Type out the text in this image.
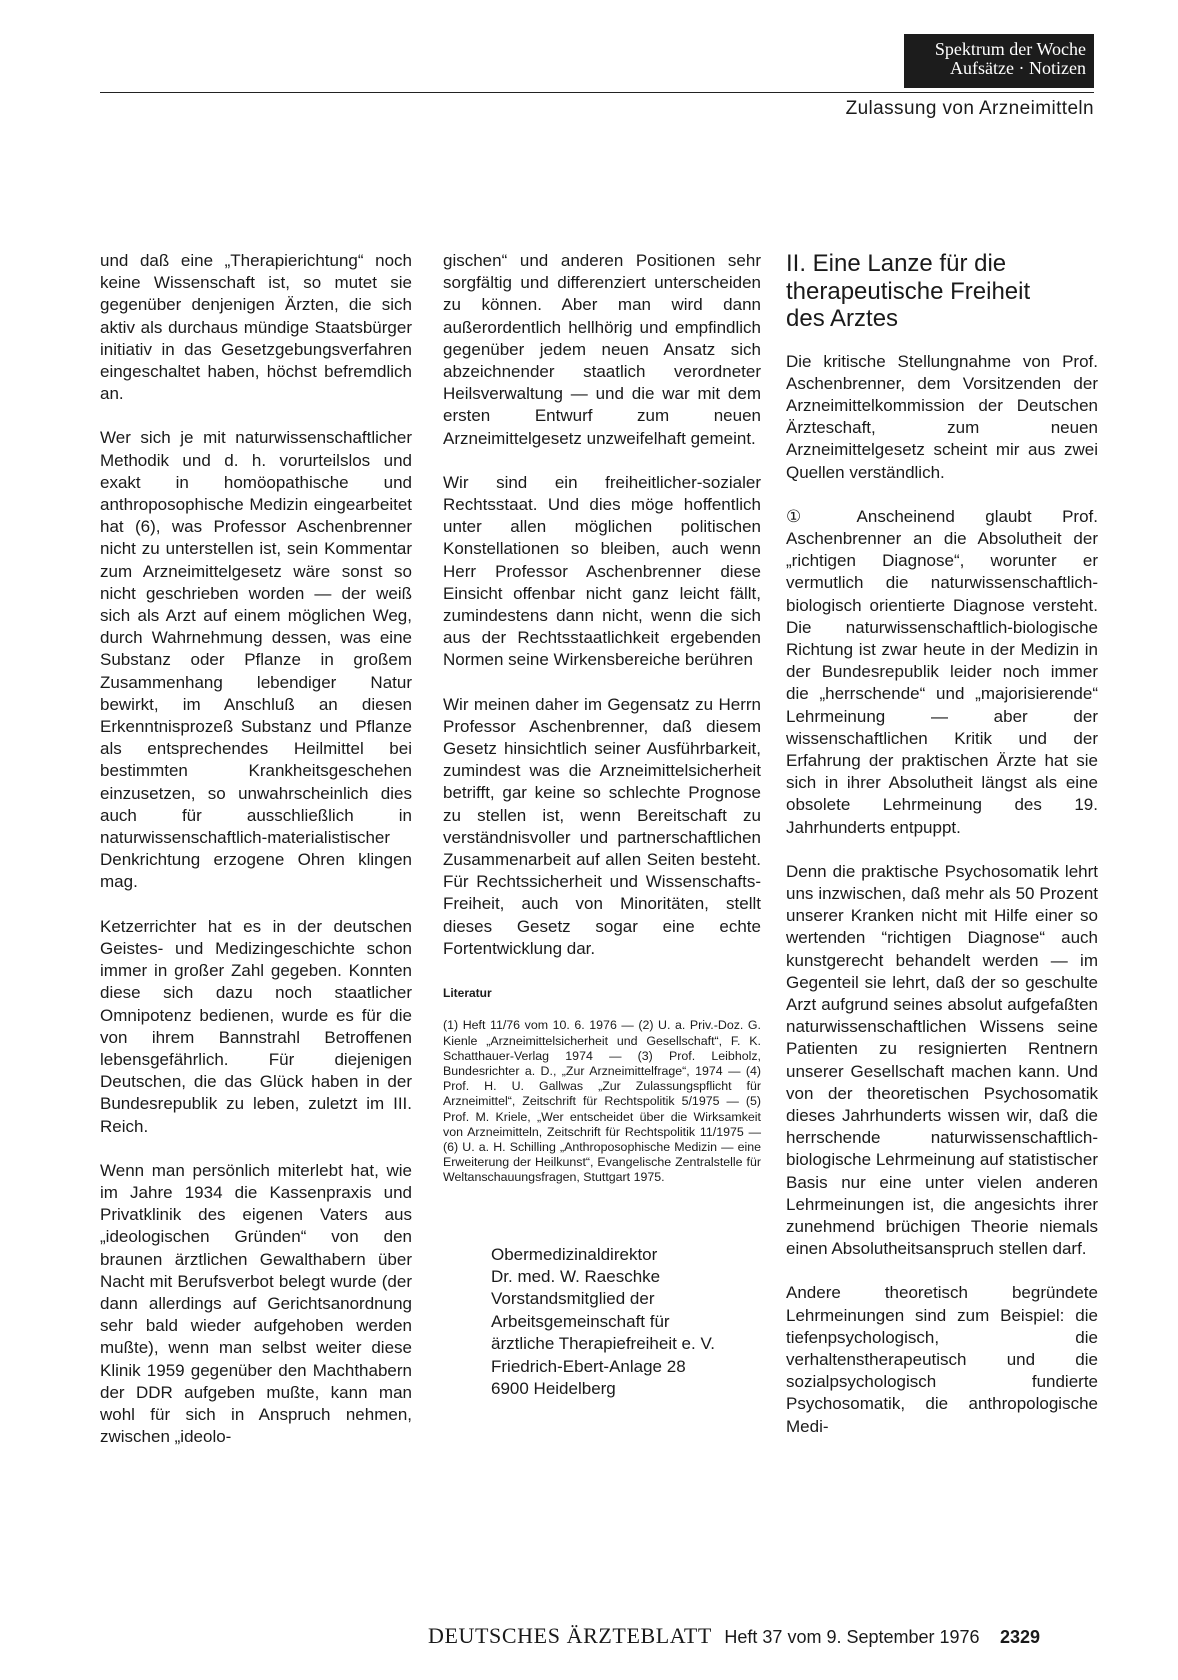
Spektrum der Woche
Aufsätze · Notizen
Zulassung von Arzneimitteln

und daß eine „Therapierichtung“ noch keine Wissenschaft ist, so mutet sie gegenüber denjenigen Ärzten, die sich aktiv als durchaus mündige Staatsbürger initiativ in das Gesetzgebungsverfahren eingeschaltet haben, höchst befremdlich an.

Wer sich je mit naturwissenschaftlicher Methodik und d. h. vorurteilslos und exakt in homöopathische und anthroposophische Medizin eingearbeitet hat (6), was Professor Aschenbrenner nicht zu unterstellen ist, sein Kommentar zum Arzneimittelgesetz wäre sonst so nicht geschrieben worden — der weiß sich als Arzt auf einem möglichen Weg, durch Wahrnehmung dessen, was eine Substanz oder Pflanze in großem Zusammenhang lebendiger Natur bewirkt, im Anschluß an diesen Erkenntnisprozeß Substanz und Pflanze als entsprechendes Heilmittel bei bestimmten Krankheitsgeschehen einzusetzen, so unwahrscheinlich dies auch für ausschließlich in naturwissenschaftlich-materialistischer Denkrichtung erzogene Ohren klingen mag.

Ketzerrichter hat es in der deutschen Geistes- und Medizingeschichte schon immer in großer Zahl gegeben. Konnten diese sich dazu noch staatlicher Omnipotenz bedienen, wurde es für die von ihrem Bannstrahl Betroffenen lebensgefährlich. Für diejenigen Deutschen, die das Glück haben in der Bundesrepublik zu leben, zuletzt im III. Reich.

Wenn man persönlich miterlebt hat, wie im Jahre 1934 die Kassenpraxis und Privatklinik des eigenen Vaters aus „ideologischen Gründen“ von den braunen ärztlichen Gewalthabern über Nacht mit Berufsverbot belegt wurde (der dann allerdings auf Gerichtsanordnung sehr bald wieder aufgehoben werden mußte), wenn man selbst weiter diese Klinik 1959 gegenüber den Machthabern der DDR aufgeben mußte, kann man wohl für sich in Anspruch nehmen, zwischen „ideolo-

gischen“ und anderen Positionen sehr sorgfältig und differenziert unterscheiden zu können. Aber man wird dann außerordentlich hellhörig und empfindlich gegenüber jedem neuen Ansatz sich abzeichnender staatlich verordneter Heilsverwaltung — und die war mit dem ersten Entwurf zum neuen Arzneimittelgesetz unzweifelhaft gemeint.

Wir sind ein freiheitlicher-sozialer Rechtsstaat. Und dies möge hoffentlich unter allen möglichen politischen Konstellationen so bleiben, auch wenn Herr Professor Aschenbrenner diese Einsicht offenbar nicht ganz leicht fällt, zumindestens dann nicht, wenn die sich aus der Rechtsstaatlichkeit ergebenden Normen seine Wirkensbereiche berühren

Wir meinen daher im Gegensatz zu Herrn Professor Aschenbrenner, daß diesem Gesetz hinsichtlich seiner Ausführbarkeit, zumindest was die Arzneimittelsicherheit betrifft, gar keine so schlechte Prognose zu stellen ist, wenn Bereitschaft zu verständnisvoller und partnerschaftlichen Zusammenarbeit auf allen Seiten besteht. Für Rechtssicherheit und Wissenschafts-Freiheit, auch von Minoritäten, stellt dieses Gesetz sogar eine echte Fortentwicklung dar.

Literatur

(1) Heft 11/76 vom 10. 6. 1976 — (2) U. a. Priv.-Doz. G. Kienle „Arzneimittelsicherheit und Gesellschaft“, F. K. Schatthauer-Verlag 1974 — (3) Prof. Leibholz, Bundesrichter a. D., „Zur Arzneimittelfrage“, 1974 — (4) Prof. H. U. Gallwas „Zur Zulassungspflicht für Arzneimittel“, Zeitschrift für Rechtspolitik 5/1975 — (5) Prof. M. Kriele, „Wer entscheidet über die Wirksamkeit von Arzneimitteln, Zeitschrift für Rechtspolitik 11/1975 — (6) U. a. H. Schilling „Anthroposophische Medizin — eine Erweiterung der Heilkunst“, Evangelische Zentralstelle für Weltanschauungsfragen, Stuttgart 1975.

Obermedizinaldirektor
Dr. med. W. Raeschke
Vorstandsmitglied der
Arbeitsgemeinschaft für
ärztliche Therapiefreiheit e. V.
Friedrich-Ebert-Anlage 28
6900 Heidelberg
II. Eine Lanze für die
therapeutische Freiheit
des Arztes

Die kritische Stellungnahme von Prof. Aschenbrenner, dem Vorsitzenden der Arzneimittelkommission der Deutschen Ärzteschaft, zum neuen Arzneimittelgesetz scheint mir aus zwei Quellen verständlich.

① Anscheinend glaubt Prof. Aschenbrenner an die Absolutheit der „richtigen Diagnose“, worunter er vermutlich die naturwissenschaftlich-biologisch orientierte Diagnose versteht. Die naturwissenschaftlich-biologische Richtung ist zwar heute in der Medizin in der Bundesrepublik leider noch immer die „herrschende“ und „majorisierende“ Lehrmeinung — aber der wissenschaftlichen Kritik und der Erfahrung der praktischen Ärzte hat sie sich in ihrer Absolutheit längst als eine obsolete Lehrmeinung des 19. Jahrhunderts entpuppt.

Denn die praktische Psychosomatik lehrt uns inzwischen, daß mehr als 50 Prozent unserer Kranken nicht mit Hilfe einer so wertenden “richtigen Diagnose“ auch kunstgerecht behandelt werden — im Gegenteil sie lehrt, daß der so geschulte Arzt aufgrund seines absolut aufgefaßten naturwissenschaftlichen Wissens seine Patienten zu resignierten Rentnern unserer Gesellschaft machen kann. Und von der theoretischen Psychosomatik dieses Jahrhunderts wissen wir, daß die herrschende naturwissenschaftlich-biologische Lehrmeinung auf statistischer Basis nur eine unter vielen anderen Lehrmeinungen ist, die angesichts ihrer zunehmend brüchigen Theorie niemals einen Absolutheitsanspruch stellen darf.

Andere theoretisch begründete Lehrmeinungen sind zum Beispiel: die tiefenpsychologisch, die verhaltenstherapeutisch und die sozialpsychologisch fundierte Psychosomatik, die anthropologische Medi-

DEUTSCHES ÄRZTEBLATT Heft 37 vom 9. September 1976 2329
